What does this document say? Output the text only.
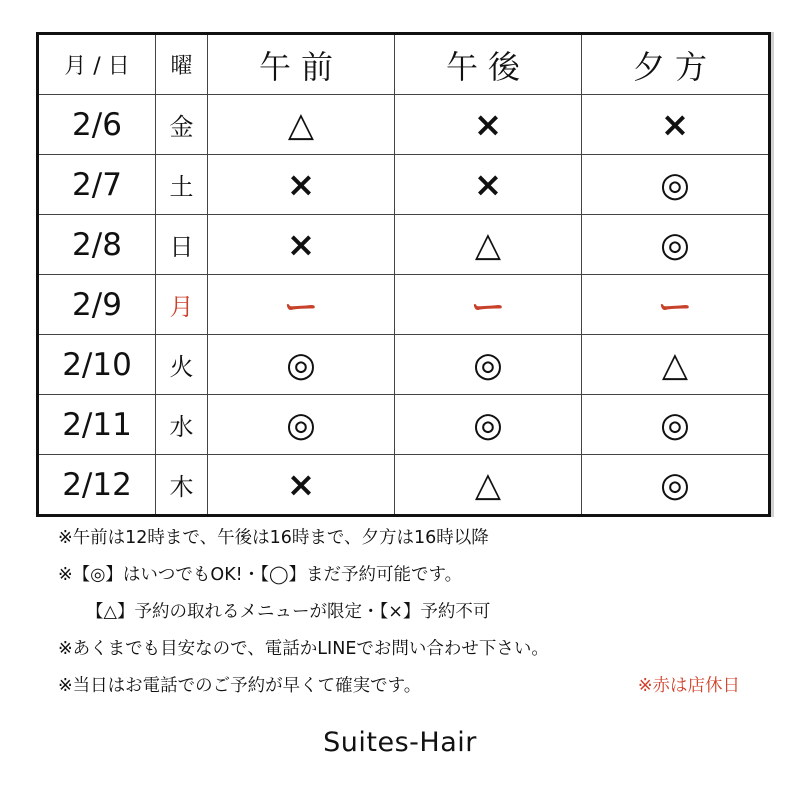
月 / 日	曜	午前	午後	夕方
2/6	金	△	×	×
2/7	土	×	×	◎
2/8	日	×	△	◎
2/9	月	ー	ー	ー
2/10	火	◎	◎	△
2/11	水	◎	◎	◎
2/12	木	×	△	◎
※午前は12時まで、午後は16時まで、夕方は16時以降
※【◎】はいつでもOK!・【◯】まだ予約可能です。
【△】予約の取れるメニューが限定・【×】予約不可
※あくまでも目安なので、電話かLINEでお問い合わせ下さい。
※当日はお電話でのご予約が早くて確実です。	※赤は店休日
Suites-Hair
